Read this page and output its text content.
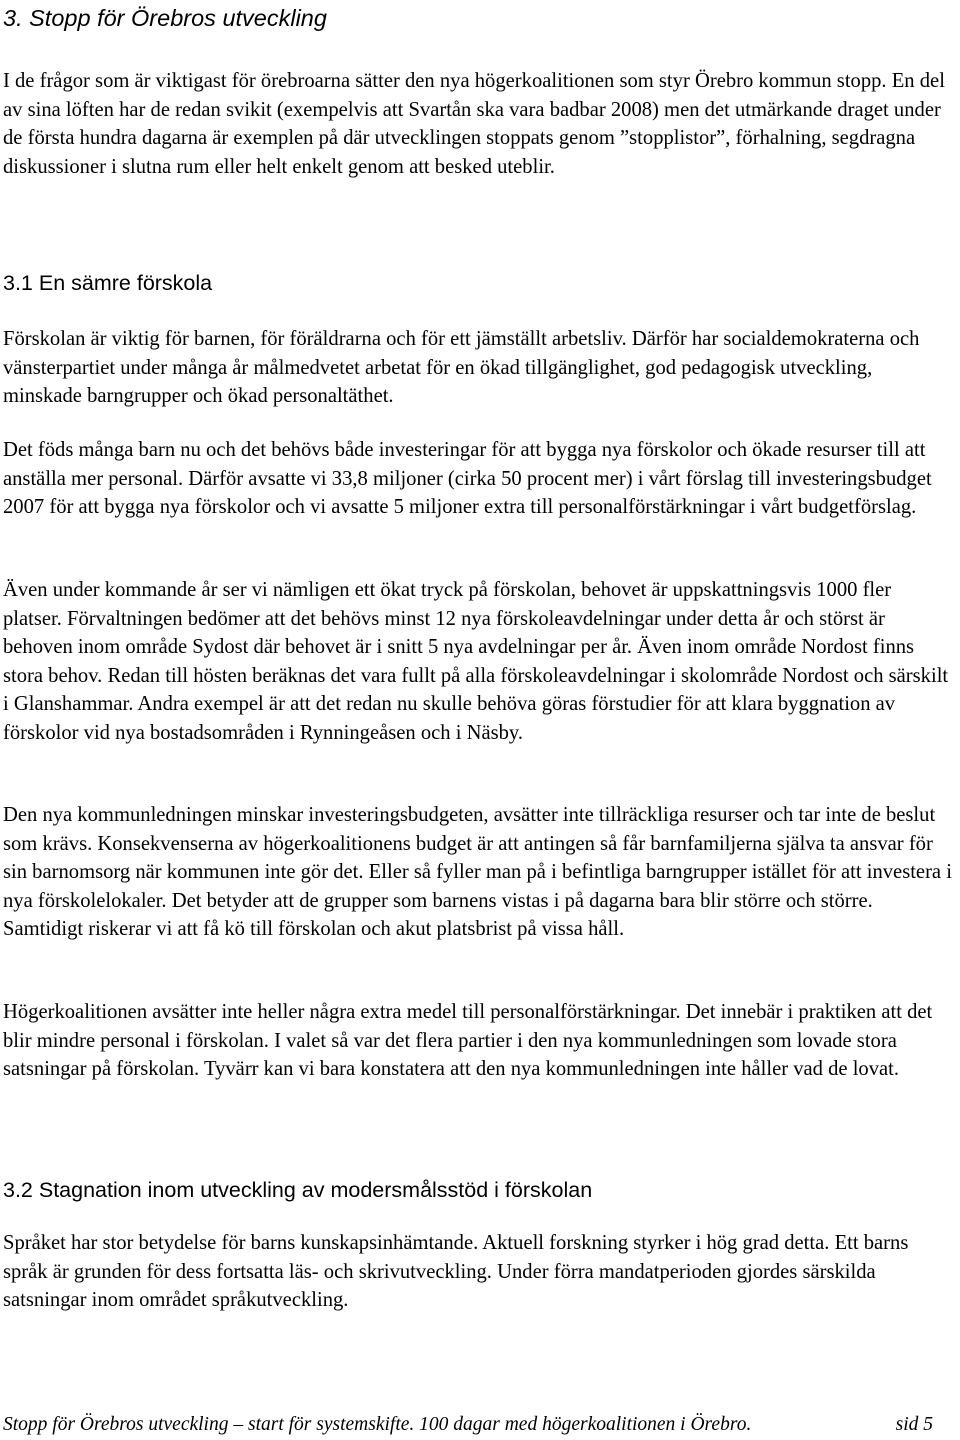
3. Stopp för Örebros utveckling

I de frågor som är viktigast för örebroarna sätter den nya högerkoalitionen som styr Örebro kommun stopp. En del av sina löften har de redan svikit (exempelvis att Svartån ska vara badbar 2008) men det utmärkande draget under de första hundra dagarna är exemplen på där utvecklingen stoppats genom ”stopplistor”, förhalning, segdragna diskussioner i slutna rum eller helt enkelt genom att besked uteblir.

3.1 En sämre förskola

Förskolan är viktig för barnen, för föräldrarna och för ett jämställt arbetsliv. Därför har socialdemokraterna och vänsterpartiet under många år målmedvetet arbetat för en ökad tillgänglighet, god pedagogisk utveckling, minskade barngrupper och ökad personaltäthet.

Det föds många barn nu och det behövs både investeringar för att bygga nya förskolor och ökade resurser till att anställa mer personal. Därför avsatte vi 33,8 miljoner (cirka 50 procent mer) i vårt förslag till investeringsbudget 2007 för att bygga nya förskolor och vi avsatte 5 miljoner extra till personalförstärkningar i vårt budgetförslag.

Även under kommande år ser vi nämligen ett ökat tryck på förskolan, behovet är uppskattningsvis 1000 fler platser. Förvaltningen bedömer att det behövs minst 12 nya förskoleavdelningar under detta år och störst är behoven inom område Sydost där behovet är i snitt 5 nya avdelningar per år. Även inom område Nordost finns stora behov. Redan till hösten beräknas det vara fullt på alla förskoleavdelningar i skolområde Nordost och särskilt i Glanshammar. Andra exempel är att det redan nu skulle behöva göras förstudier för att klara byggnation av förskolor vid nya bostadsområden i Rynningeåsen och i Näsby.

Den nya kommunledningen minskar investeringsbudgeten, avsätter inte tillräckliga resurser och tar inte de beslut som krävs. Konsekvenserna av högerkoalitionens budget är att antingen så får barnfamiljerna själva ta ansvar för sin barnomsorg när kommunen inte gör det. Eller så fyller man på i befintliga barngrupper istället för att investera i nya förskolelokaler. Det betyder att de grupper som barnens vistas i på dagarna bara blir större och större. Samtidigt riskerar vi att få kö till förskolan och akut platsbrist på vissa håll.

Högerkoalitionen avsätter inte heller några extra medel till personalförstärkningar. Det innebär i praktiken att det blir mindre personal i förskolan. I valet så var det flera partier i den nya kommunledningen som lovade stora satsningar på förskolan. Tyvärr kan vi bara konstatera att den nya kommunledningen inte håller vad de lovat.

3.2 Stagnation inom utveckling av modersmålsstöd i förskolan

Språket har stor betydelse för barns kunskapsinhämtande. Aktuell forskning styrker i hög grad detta. Ett barns språk är grunden för dess fortsatta läs- och skrivutveckling. Under förra mandatperioden gjordes särskilda satsningar inom området språkutveckling.

Stopp för Örebros utveckling – start för systemskifte. 100 dagar med högerkoalitionen i Örebro.	sid 5
